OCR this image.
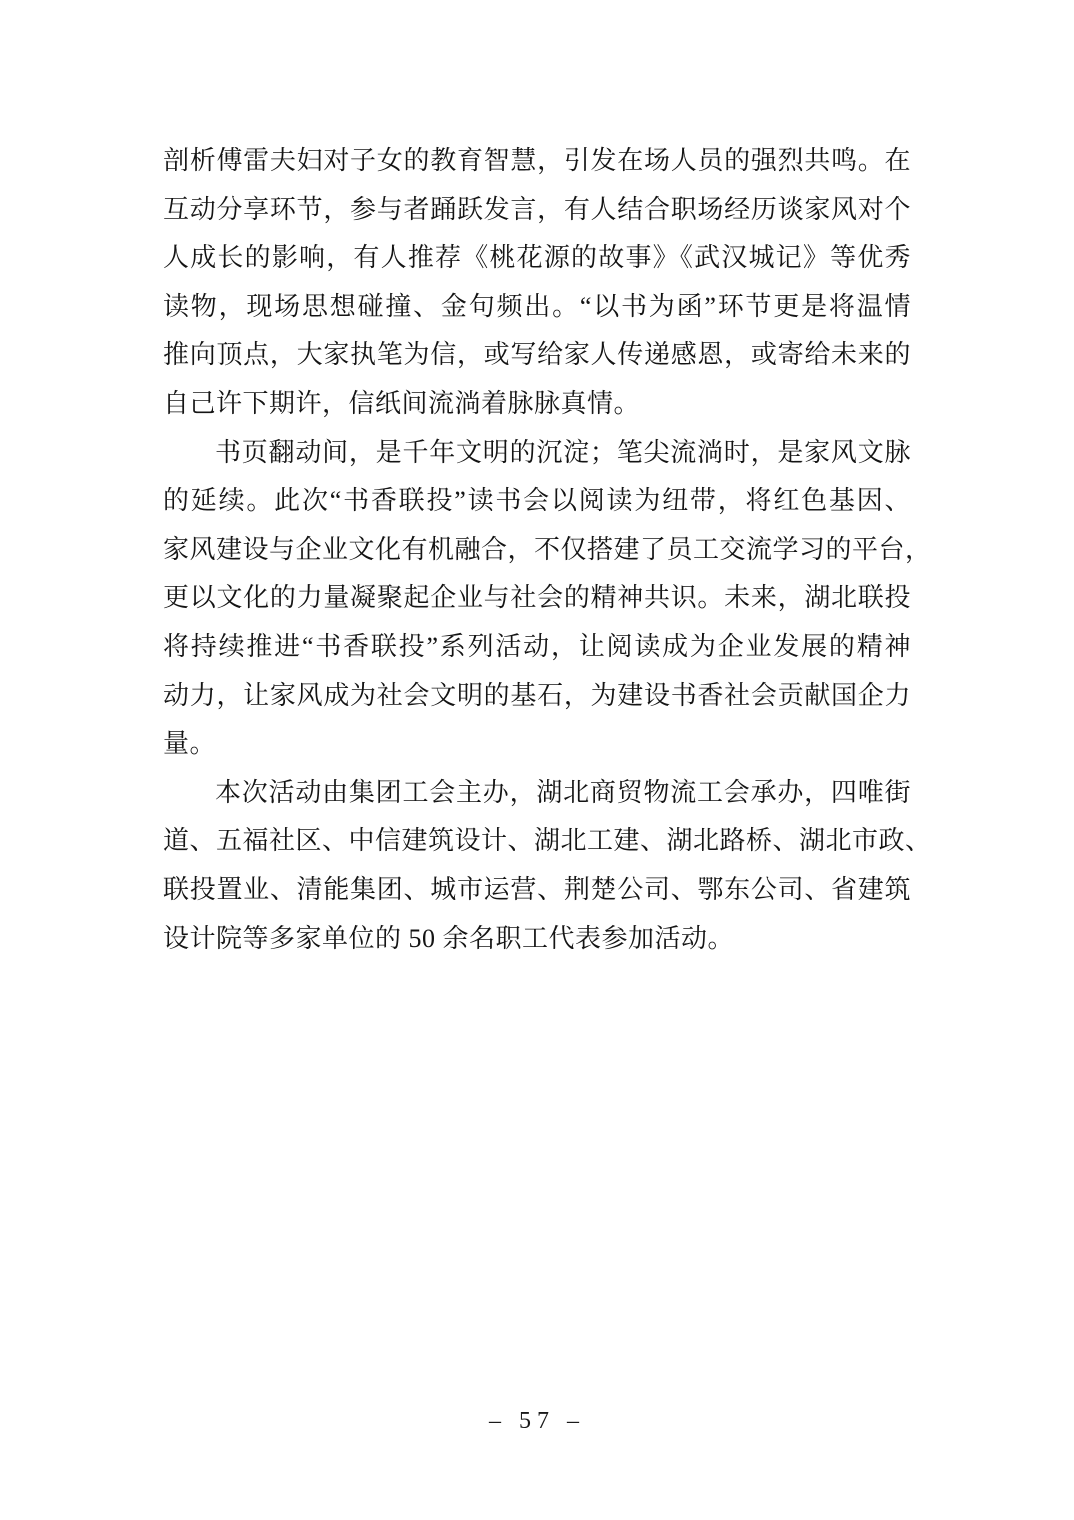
剖析傅雷夫妇对子女的教育智慧，引发在场人员的强烈共鸣。在
互动分享环节，参与者踊跃发言，有人结合职场经历谈家风对个
人成长的影响，有人推荐《桃花源的故事》《武汉城记》等优秀
读物，现场思想碰撞、金句频出。“以书为函”环节更是将温情
推向顶点，大家执笔为信，或写给家人传递感恩，或寄给未来的
自己许下期许，信纸间流淌着脉脉真情。
书页翻动间，是千年文明的沉淀；笔尖流淌时，是家风文脉
的延续。此次“书香联投”读书会以阅读为纽带，将红色基因、
家风建设与企业文化有机融合，不仅搭建了员工交流学习的平台，
更以文化的力量凝聚起企业与社会的精神共识。未来，湖北联投
将持续推进“书香联投”系列活动，让阅读成为企业发展的精神
动力，让家风成为社会文明的基石，为建设书香社会贡献国企力
量。
本次活动由集团工会主办，湖北商贸物流工会承办，四唯街
道、五福社区、中信建筑设计、湖北工建、湖北路桥、湖北市政、
联投置业、清能集团、城市运营、荆楚公司、鄂东公司、省建筑
设计院等多家单位的 50 余名职工代表参加活动。
– 57 –
